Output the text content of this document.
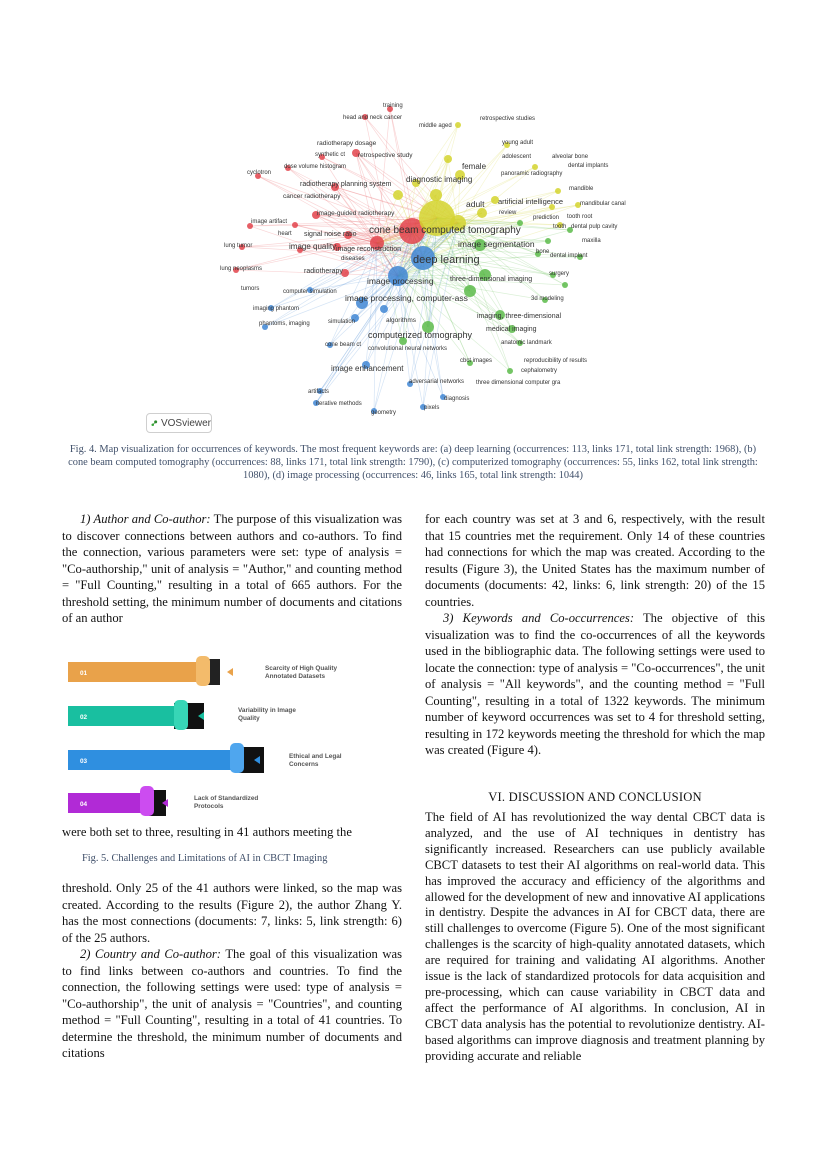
training
head and neck cancer
middle aged
retrospective studies
radiotherapy dosage	young adult
synthetic ct retrospective study	adolescent	alveolar bone
dose volume histogram	female	dental implants
cyclotron	panoramic radiography
diagnostic imaging
radiotherapy planning system
mandible
cancer radiotherapy
artificial intelligence
adult	mandibular canal
review
image-guided radiotherapy
prediction tooth root
image artifact
tooth dental pulp cavity
heart signal noise ratio cone beam computed tomography
maxilla
lung tumor	image quality image reconstruction
image segmentation
bone
dental implant
diseases	deep learning
lung neoplasms	radiotherapy	surgery
three-dimensional imaging
image processing
tumors	computer simulation
image processing, computer-ass	3d modeling
imaging phantom
imaging, three-dimensional
simulation	algorithms
phantoms, imaging
medical imaging
computerized tomography
anatomic landmark
cone beam ct
convolutional neural networks
cbct images	reproducibility of results
image enhancement	cephalometry
adversarial networks three dimensional computer gra
artifacts
diagnosis
iterative methods
pixels
geometry
VOSviewer
Fig. 4. Map visualization for occurrences of keywords. The most frequent keywords are: (a) deep learning (occurrences: 113, links 171, total link strength: 1968), (b) cone beam computed tomography (occurrences: 88, links 171, total link strength: 1790), (c) computerized tomography (occurrences: 55, links 162, total link strength: 1080), (d) image processing (occurrences: 46, links 165, total link strength: 1044)

1) Author and Co-author: The purpose of this visualization was to discover connections between authors and co-authors. To find the connection, various parameters were set: type of analysis = "Co-authorship," unit of analysis = "Author," and counting method = "Full Counting," resulting in a total of 665 authors. For the threshold setting, the minimum number of documents and citations of an author

01
Scarcity of High Quality
Annotated Datasets
02
Variability in Image
Quality
03
Ethical and Legal
Concerns
04
Lack of Standardized
Protocols

were both set to three, resulting in 41 authors meeting the

Fig. 5. Challenges and Limitations of AI in CBCT Imaging

threshold. Only 25 of the 41 authors were linked, so the map was created. According to the results (Figure 2), the author Zhang Y. has the most connections (documents: 7, links: 5, link strength: 6) of the 25 authors.

2) Country and Co-author: The goal of this visualization was to find links between co-authors and countries. To find the connection, the following settings were used: type of analysis = "Co-authorship", the unit of analysis = "Countries", and counting method = "Full Counting", resulting in a total of 41 countries. To determine the threshold, the minimum number of documents and citations

for each country was set at 3 and 6, respectively, with the result that 15 countries met the requirement. Only 14 of these countries had connections for which the map was created. According to the results (Figure 3), the United States has the maximum number of documents (documents: 42, links: 6, link strength: 20) of the 15 countries.

3) Keywords and Co-occurrences: The objective of this visualization was to find the co-occurrences of all the keywords used in the bibliographic data. The following settings were used to locate the connection: type of analysis = "Co-occurrences", the unit of analysis = "All keywords", and the counting method = "Full Counting", resulting in a total of 1322 keywords. The minimum number of keyword occurrences was set to 4 for threshold setting, resulting in 172 keywords meeting the threshold for which the map was created (Figure 4).

VI. DISCUSSION AND CONCLUSION

The field of AI has revolutionized the way dental CBCT data is analyzed, and the use of AI techniques in dentistry has significantly increased. Researchers can use publicly available CBCT datasets to test their AI algorithms on real-world data. This has improved the accuracy and efficiency of the algorithms and allowed for the development of new and innovative AI applications in dentistry. Despite the advances in AI for CBCT data, there are still challenges to overcome (Figure 5). One of the most significant challenges is the scarcity of high-quality annotated datasets, which are required for training and validating AI algorithms. Another issue is the lack of standardized protocols for data acquisition and pre-processing, which can cause variability in CBCT data and affect the performance of AI algorithms. In conclusion, AI in CBCT data analysis has the potential to revolutionize dentistry. AI-based algorithms can improve diagnosis and treatment planning by providing accurate and reliable
